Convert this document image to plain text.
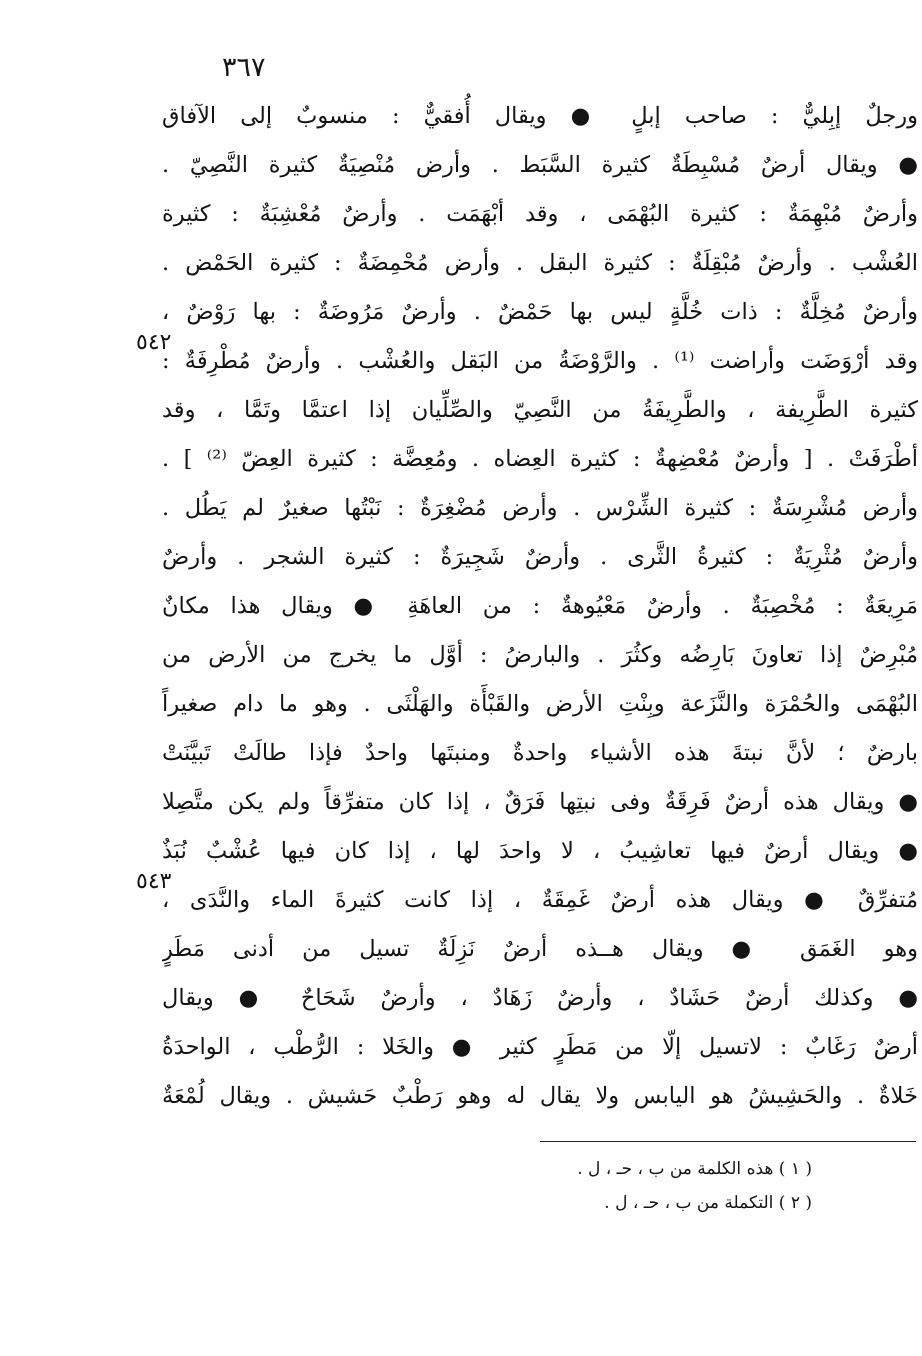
٣٦٧
ورجلٌ إبِليٌّ : صاحب إبلٍ ● ويقال أُفقيٌّ : منسوبٌ إلى الآفاق
● ويقال أرضٌ مُسْبِطَةٌ كثيرة السَّبَط . وأرض مُنْصِيَةٌ كثيرة النَّصِيّ .
وأرضٌ مُبْهِمَةٌ : كثيرة البُهْمَى ، وقد أبْهَمَت . وأرضٌ مُعْشِبَةٌ : كثيرة
العُشْب . وأرضٌ مُبْقِلَةٌ : كثيرة البقل . وأرض مُحْمِضَةٌ : كثيرة الحَمْض .
وأرضٌ مُخِلَّةٌ : ذات خُلَّةٍ ليس بها حَمْضٌ . وأرضٌ مَرُوضَةٌ : بها رَوْضٌ ،
وقد أرْوَضَت وأراضت ⁽¹⁾ . والرَّوْضَةُ من البَقل والعُشْب . وأرضٌ مُطْرِفَةٌ :
كثيرة الطَّرِيفة ، والطَّرِيفَةُ من النَّصِيّ والصِّلِّيان إذا اعتمَّا وتَمَّا ، وقد
أطْرَفَتْ . [ وأرضٌ مُعْضِهةٌ : كثيرة العِضاه . ومُعِضَّة : كثيرة العِضّ ⁽²⁾ ] .
وأرض مُشْرِسَةٌ : كثيرة الشِّرْس . وأرض مُضْغِرَةٌ : نَبْتُها صغيرٌ لم يَطُل .
وأرضٌ مُثْرِيَةٌ : كثيرةُ الثَّرى . وأرضٌ شَجِيرَةٌ : كثيرة الشجر . وأرضٌ
مَرِيعَةٌ : مُخْصِبَةٌ . وأرضٌ مَعْيُوهةٌ : من العاهَةِ ● ويقال هذا مكانٌ
مُبْرِضٌ إذا تعاونَ بَارِضُه وكثُرَ . والبارضُ : أوَّل ما يخرج من الأرض من
البُهْمَى والحُمْرَة والنَّزَعة وبِنْتِ الأرض والقَبْأَة والهَلْثَى . وهو ما دام صغيراً
بارضٌ ؛ لأنَّ نبتةَ هذه الأشياء واحدةٌ ومنبتَها واحدٌ فإذا طالَتْ تَبيَّنَتْ
● ويقال هذه أرضٌ فَرِقَةٌ وفى نبتِها فَرَقٌ ، إذا كان متفرِّقاً ولم يكن متَّصِلا
● ويقال أرضٌ فيها تعاشِيبُ ، لا واحدَ لها ، إذا كان فيها عُشْبٌ نُبَذٌ
مُتفرِّقٌ ● ويقال هذه أرضٌ غَمِقَةٌ ، إذا كانت كثيرةَ الماء والنَّدَى ،
وهو الغَمَق ● ويقال هــذه أرضٌ نَزِلَةٌ تسيل من أدنى مَطَرٍ
● وكذلك أرضٌ حَشَادٌ ، وأرضٌ زَهَادٌ ، وأرضٌ شَحَاحٌ ● ويقال
أرضٌ رَغَابٌ : لاتسيل إلّا من مَطَرٍ كثير ● والخَلا : الرُّطْب ، الواحدَةُ
خَلاةٌ . والحَشِيشُ هو اليابس ولا يقال له وهو رَطْبٌ حَشيش . ويقال لُمْعَةٌ
٥٤٢
٥٤٣
( ١ ) هذه الكلمة من ب ، حـ ، ل .
( ٢ ) التكملة من ب ، حـ ، ل .
